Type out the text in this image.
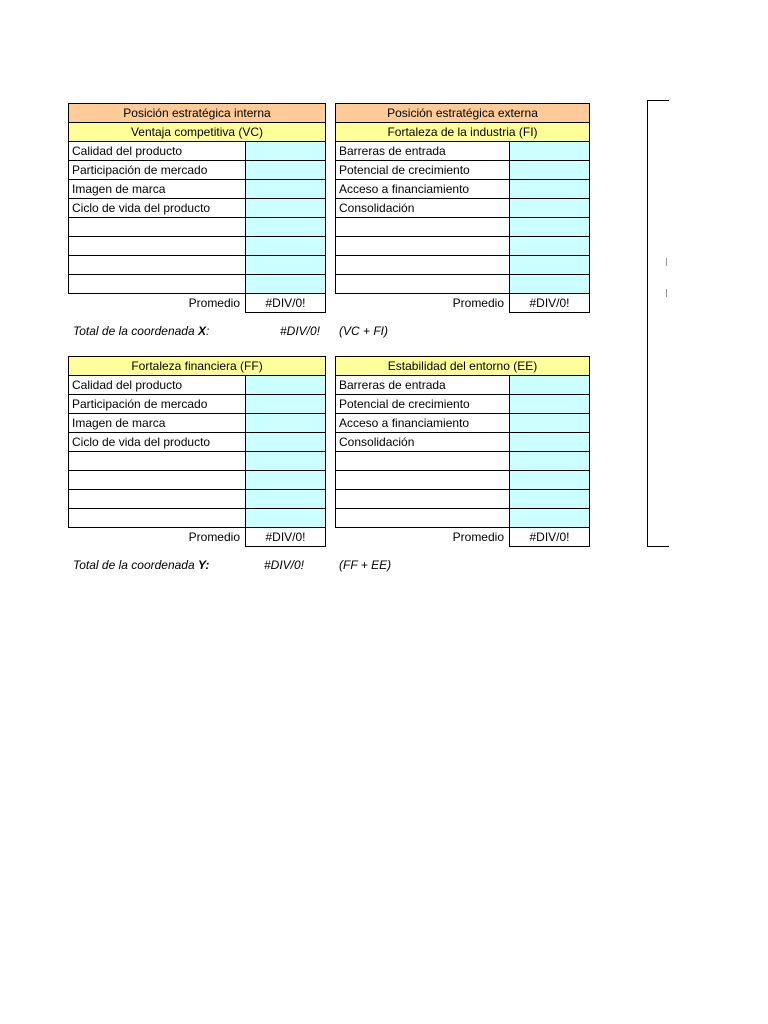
Posición estratégica interna	
Ventaja competitiva (VC)	
Calidad del producto	
Participación de mercado	
Imagen de marca	
Ciclo de vida del producto	

Promedio	#DIV/0!
Posición estratégica externa	
Fortaleza de la industria (FI)	
Barreras de entrada	
Potencial de crecimiento	
Acceso a financiamiento	
Consolidación	

Promedio	#DIV/0!
Total de la coordenada X:	#DIV/0! (VC + FI)
Fortaleza financiera (FF)	
Calidad del producto	
Participación de mercado	
Imagen de marca	
Ciclo de vida del producto	

Promedio	#DIV/0!
Estabilidad del entorno (EE)	
Barreras de entrada	
Potencial de crecimiento	
Acceso a financiamiento	
Consolidación	

Promedio	#DIV/0!
Total de la coordenada Y:	#DIV/0!	(FF + EE)
